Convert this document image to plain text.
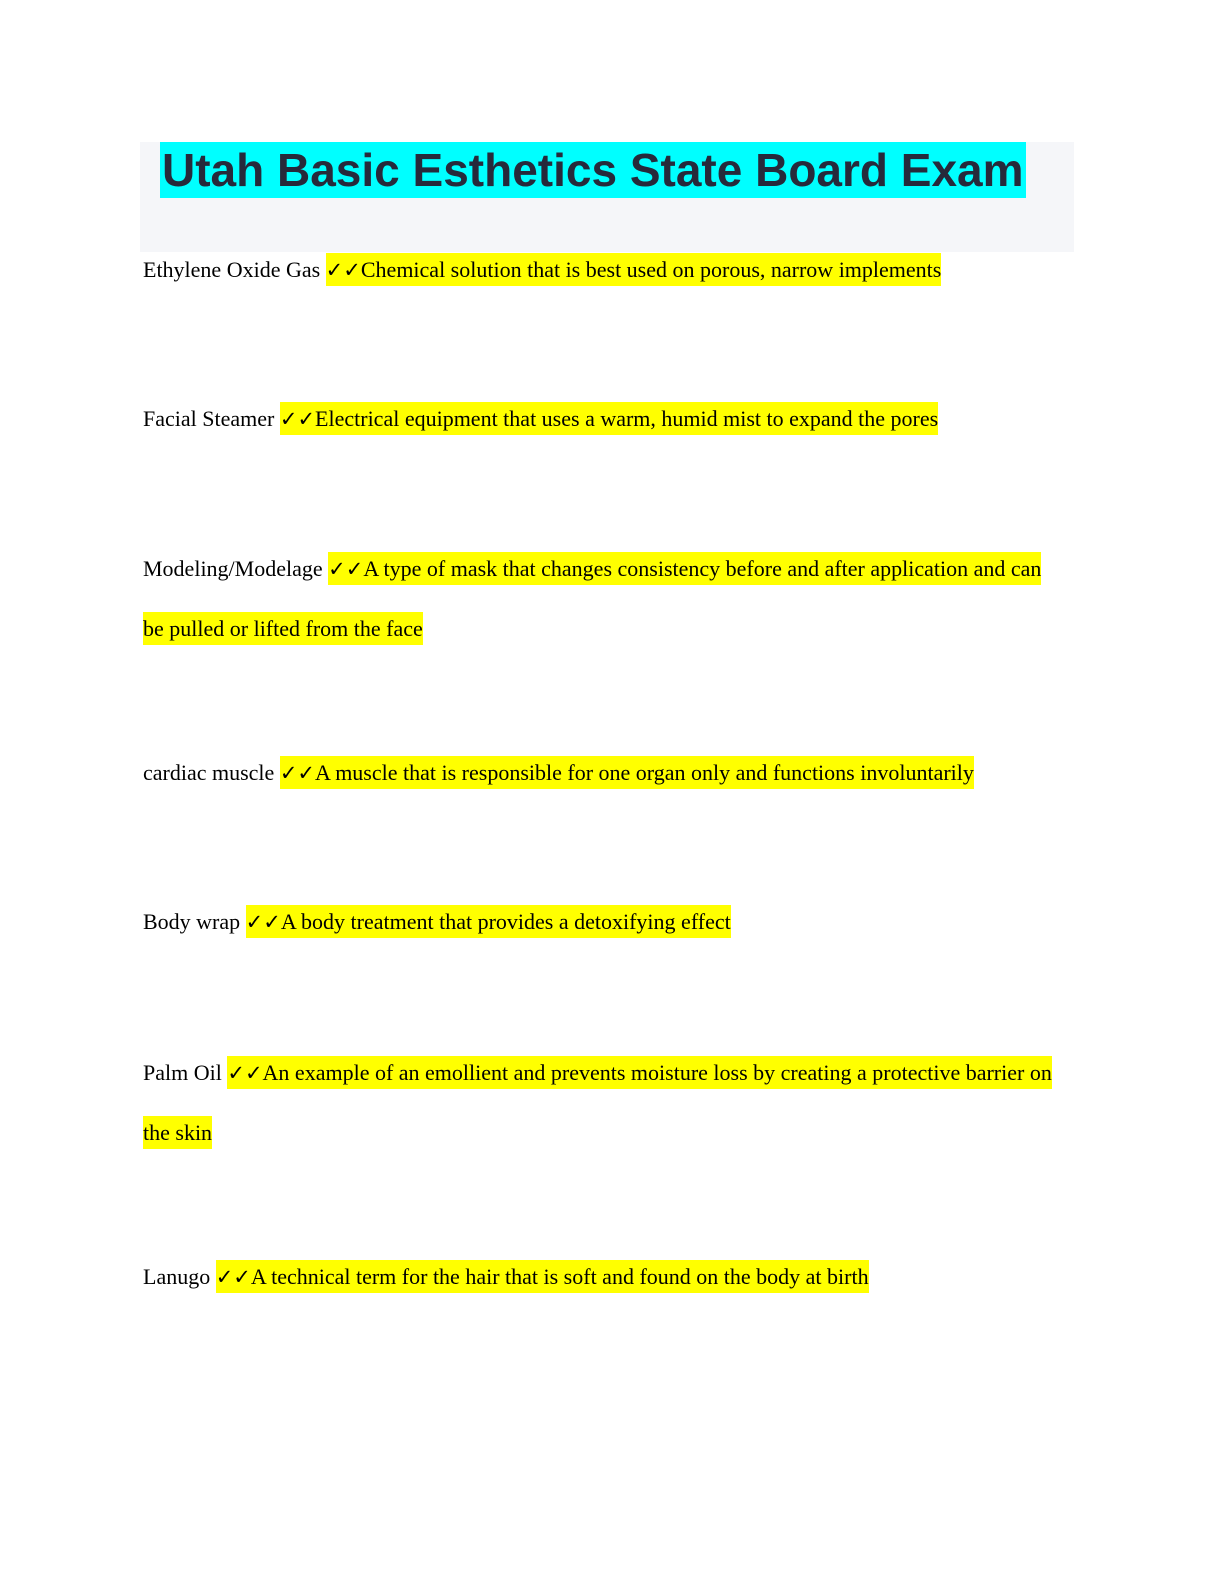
Utah Basic Esthetics State Board Exam
Ethylene Oxide Gas ✓✓Chemical solution that is best used on porous, narrow implements
Facial Steamer ✓✓Electrical equipment that uses a warm, humid mist to expand the pores
Modeling/Modelage ✓✓A type of mask that changes consistency before and after application and can be pulled or lifted from the face
cardiac muscle ✓✓A muscle that is responsible for one organ only and functions involuntarily
Body wrap ✓✓A body treatment that provides a detoxifying effect
Palm Oil ✓✓An example of an emollient and prevents moisture loss by creating a protective barrier on the skin
Lanugo ✓✓A technical term for the hair that is soft and found on the body at birth
